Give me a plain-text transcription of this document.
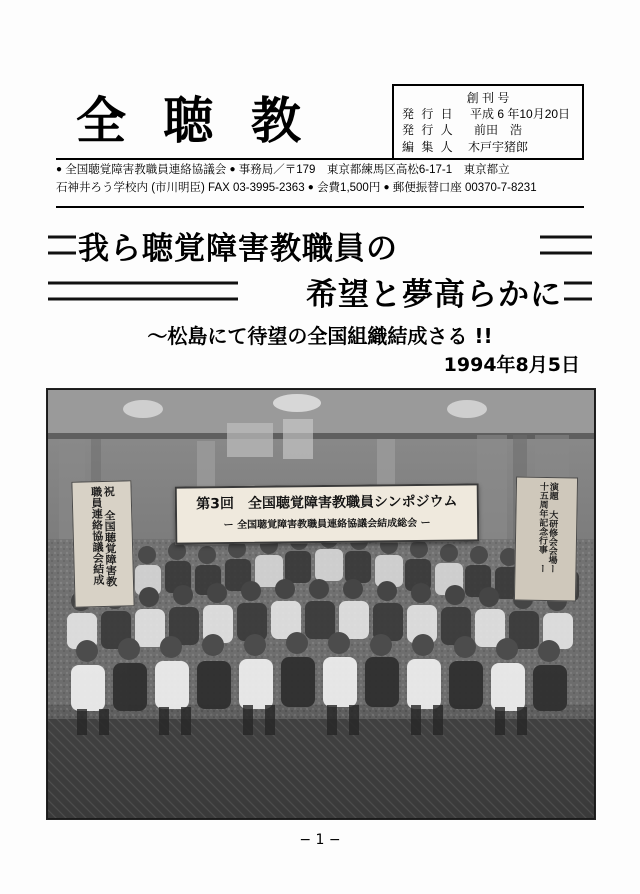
全 聴 教	創 刊 号
発 行 日	平成 6 年10月20日
発 行 人	前田　浩
編 集 人	木戸宇猪郎
● 全国聴覚障害教職員連絡協議会 ● 事務局／〒179　東京都練馬区高松6-17-1　東京都立
石神井ろう学校内 (市川明臣) FAX 03-3995-2363 ● 会費1,500円 ● 郵便振替口座 00370-7-8231
我ら聴覚障害教職員の
希望と夢高らかに
〜松島にて待望の全国組織結成さる !!
1994年8月5日
第3回　全国聴覚障害教職員シンポジウム
ー 全国聴覚障害教職員連絡協議会結成総会 ー
祝 全国聴覚障害教職員連絡協議会結成	演題 大研修会会場ー 十五周年記念行事 ー
− 1 −
